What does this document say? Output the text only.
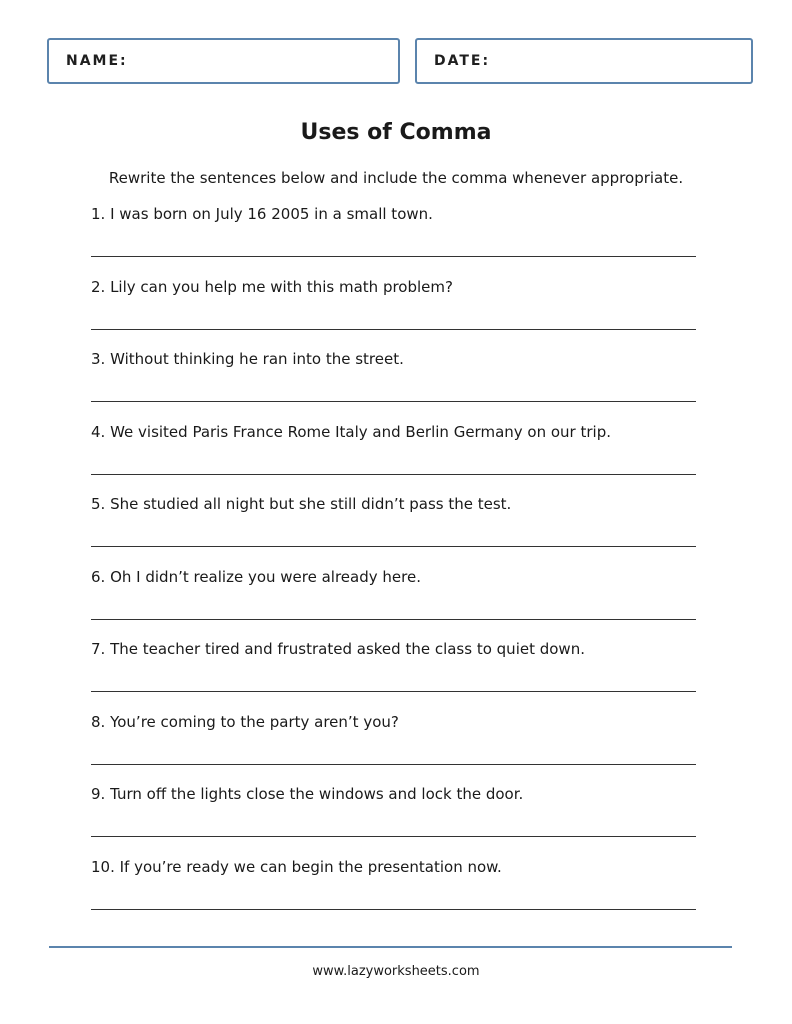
NAME:	DATE:
Uses of Comma
Rewrite the sentences below and include the comma whenever appropriate.
1. I was born on July 16 2005 in a small town.
2. Lily can you help me with this math problem?
3. Without thinking he ran into the street.
4. We visited Paris France Rome Italy and Berlin Germany on our trip.
5. She studied all night but she still didn’t pass the test.
6. Oh I didn’t realize you were already here.
7. The teacher tired and frustrated asked the class to quiet down.
8. You’re coming to the party aren’t you?
9. Turn off the lights close the windows and lock the door.
10. If you’re ready we can begin the presentation now.
www.lazyworksheets.com
